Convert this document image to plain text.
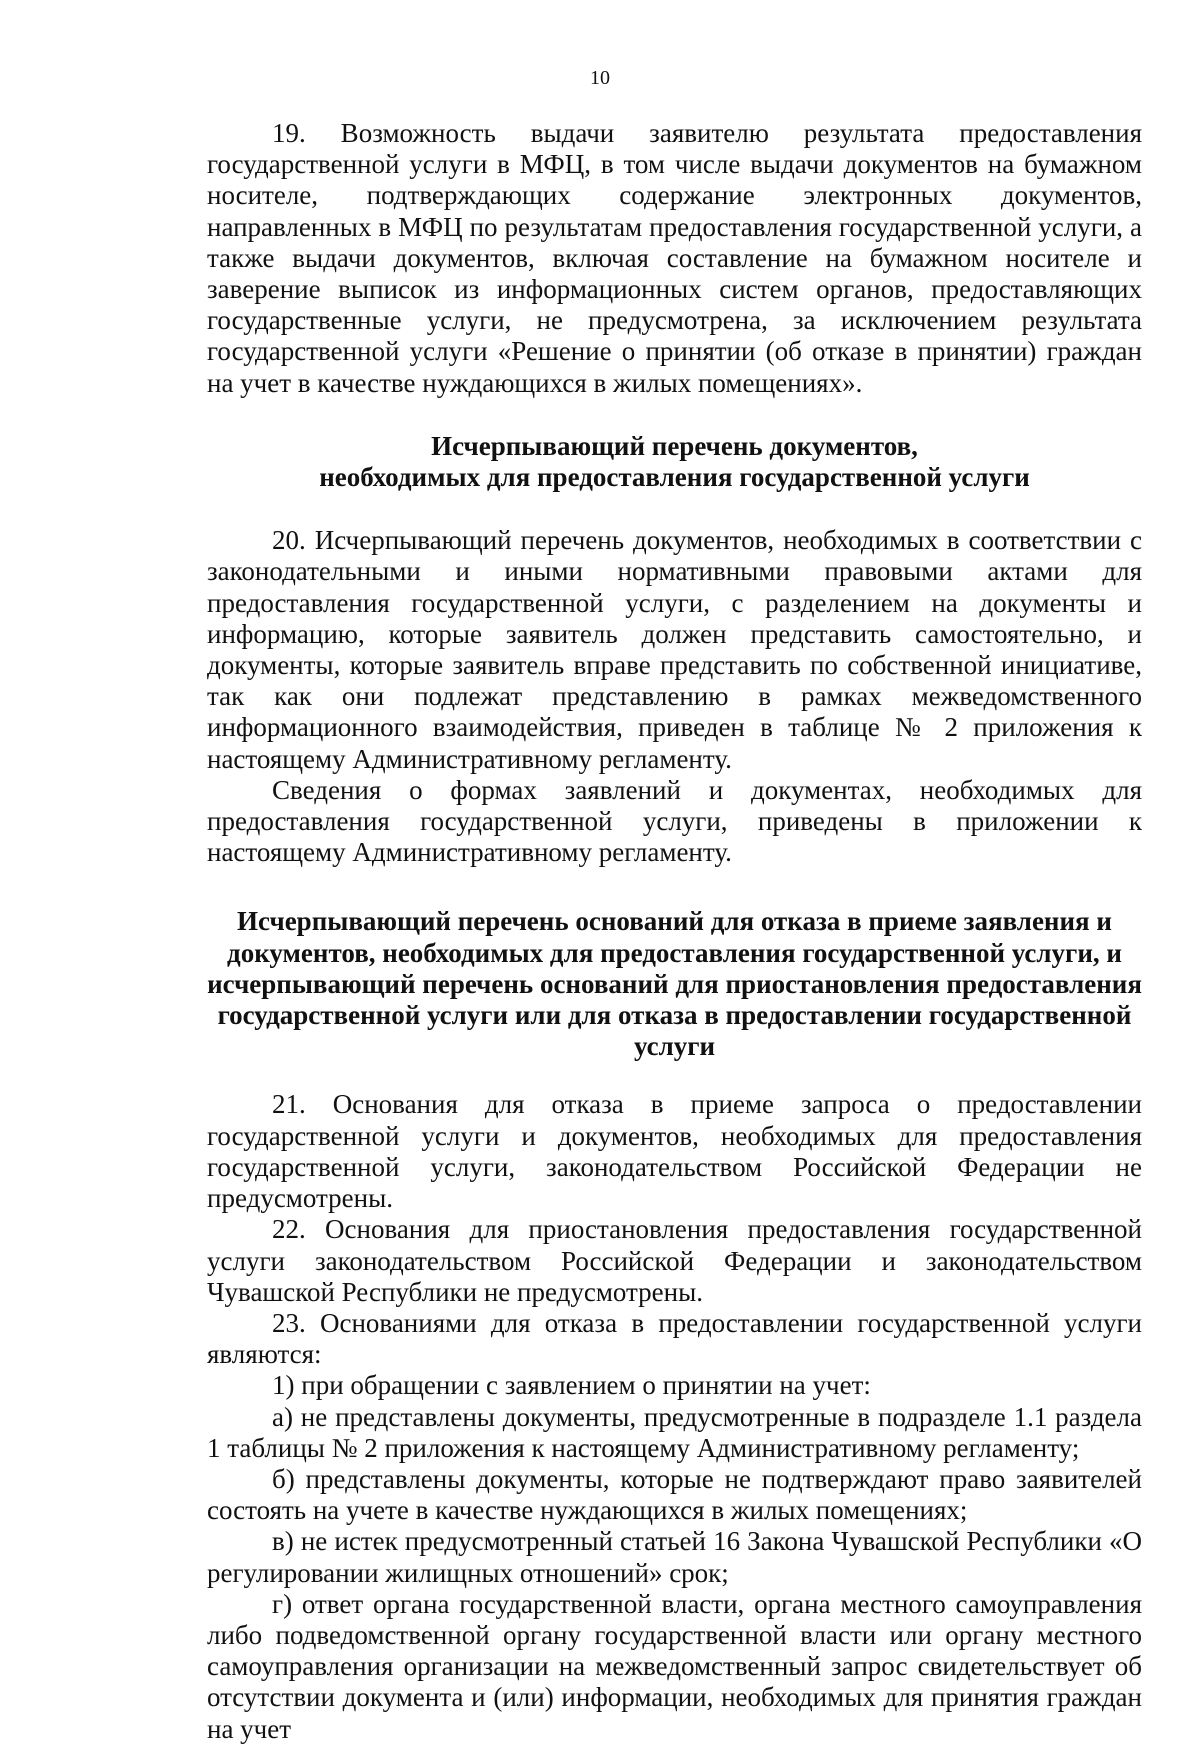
10

19. Возможность выдачи заявителю результата предоставления государственной услуги в МФЦ, в том числе выдачи документов на бумажном носителе, подтверждающих содержание электронных документов, направленных в МФЦ по результатам предоставления государственной услуги, а также выдачи документов, включая составление на бумажном носителе и заверение выписок из информационных систем органов, предоставляющих государственные услуги, не предусмотрена, за исключением результата государственной услуги «Решение о принятии (об отказе в принятии) граждан на учет в качестве нуждающихся в жилых помещениях».

Исчерпывающий перечень документов,

необходимых для предоставления государственной услуги

20. Исчерпывающий перечень документов, необходимых в соответствии с законодательными и иными нормативными правовыми актами для предоставления государственной услуги, с разделением на документы и информацию, которые заявитель должен представить самостоятельно, и документы, которые заявитель вправе представить по собственной инициативе, так как они подлежат представлению в рамках межведомственного информационного взаимодействия, приведен в таблице № 2 приложения к настоящему Административному регламенту.

Сведения о формах заявлений и документах, необходимых для предоставления государственной услуги, приведены в приложении к настоящему Административному регламенту.

Исчерпывающий перечень оснований для отказа в приеме заявления и документов, необходимых для предоставления государственной услуги, и исчерпывающий перечень оснований для приостановления предоставления государственной услуги или для отказа в предоставлении государственной услуги

21. Основания для отказа в приеме запроса о предоставлении государственной услуги и документов, необходимых для предоставления государственной услуги, законодательством Российской Федерации не предусмотрены.

22. Основания для приостановления предоставления государственной услуги законодательством Российской Федерации и законодательством Чувашской Республики не предусмотрены.

23. Основаниями для отказа в предоставлении государственной услуги являются:

1) при обращении с заявлением о принятии на учет:

а) не представлены документы, предусмотренные в подразделе 1.1 раздела 1 таблицы № 2 приложения к настоящему Административному регламенту;

б) представлены документы, которые не подтверждают право заявителей состоять на учете в качестве нуждающихся в жилых помещениях;

в) не истек предусмотренный статьей 16 Закона Чувашской Республики «О регулировании жилищных отношений» срок;

г) ответ органа государственной власти, органа местного самоуправления либо подведомственной органу государственной власти или органу местного самоуправления организации на межведомственный запрос свидетельствует об отсутствии документа и (или) информации, необходимых для принятия граждан на учет
